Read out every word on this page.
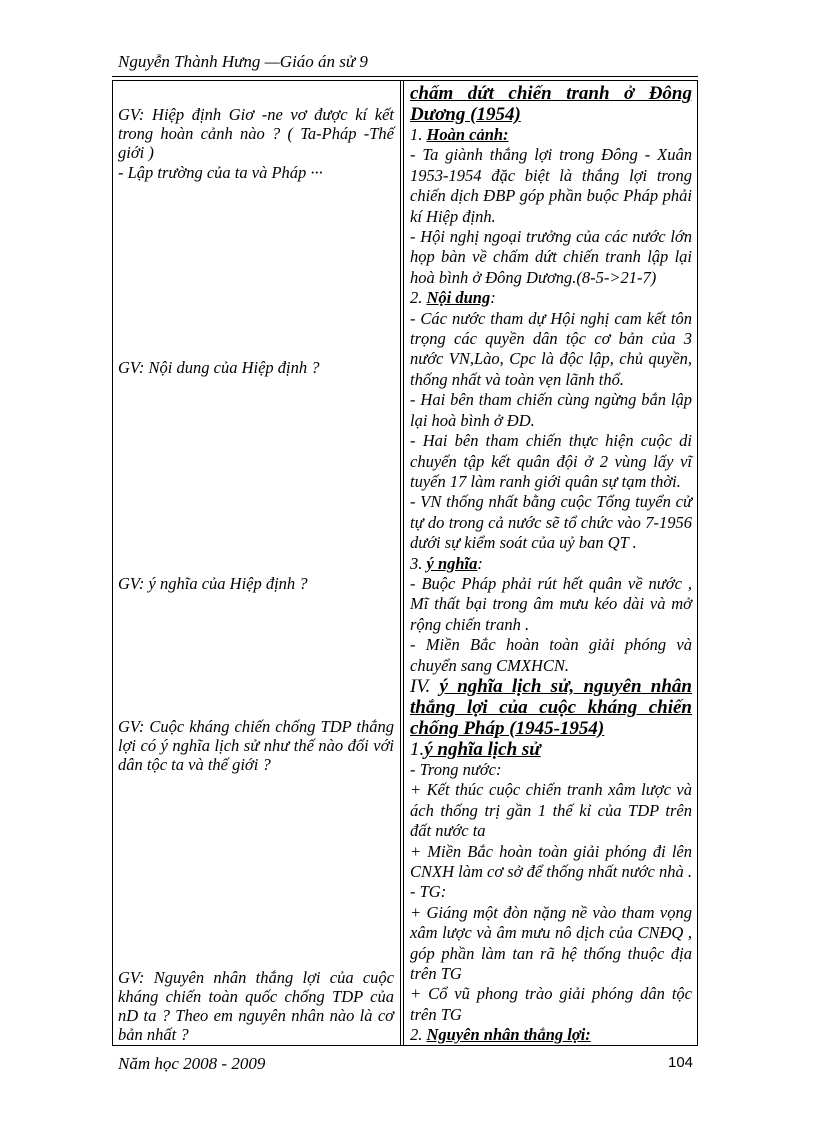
Nguyễn Thành Hưng —Giáo án sử 9
GV: Hiệp định Giơ -ne vơ được kí kết trong hoàn cảnh nào ? ( Ta-Pháp -Thế giới )
- Lập trường của ta và Pháp ···
GV: Nội dung của Hiệp định ?
GV: ý nghĩa của Hiệp định ?
GV: Cuộc kháng chiến chống TDP thắng lợi có ý nghĩa lịch sử như thế nào đối với dân tộc ta và thế giới ?
GV: Nguyên nhân thắng lợi của cuộc kháng chiến toàn quốc chống TDP của nD ta ? Theo em nguyên nhân nào là cơ bản nhất ?

chấm dứt chiến tranh ở Đông Dương (1954)

1. Hoàn cảnh:

- Ta giành thắng lợi trong Đông - Xuân 1953-1954 đặc biệt là thắng lợi trong chiến dịch ĐBP góp phần buộc Pháp phải kí Hiệp định.

- Hội nghị ngoại trưởng của các nước lớn họp bàn về chấm dứt chiến tranh lập lại hoà bình ở Đông Dương.(8-5->21-7)

2. Nội dung:

- Các nước tham dự Hội nghị cam kết tôn trọng các quyền dân tộc cơ bản của 3 nước VN,Lào, Cpc là độc lập, chủ quyền, thống nhất và toàn vẹn lãnh thổ.

- Hai bên tham chiến cùng ngừng bắn lập lại hoà bình ở ĐD.

- Hai bên tham chiến thực hiện cuộc di chuyển tập kết quân đội ở 2 vùng lấy vĩ tuyến 17 làm ranh giới quân sự tạm thời.

- VN thống nhất bằng cuộc Tổng tuyển cử tự do trong cả nước sẽ tổ chức vào 7-1956 dưới sự kiểm soát của uỷ ban QT .

3. ý nghĩa:

- Buộc Pháp phải rút hết quân về nước , Mĩ thất bại trong âm mưu kéo dài và mở rộng chiến tranh .

- Miền Bắc hoàn toàn giải phóng và chuyển sang CMXHCN.

IV. ý nghĩa lịch sử, nguyên nhân thắng lợi của cuộc kháng chiến chống Pháp (1945-1954)

1.ý nghĩa lịch sử

- Trong nước:

+ Kết thúc cuộc chiến tranh xâm lược và ách thống trị gần 1 thế kỉ của TDP trên đất nước ta

+ Miền Bắc hoàn toàn giải phóng đi lên CNXH làm cơ sở để thống nhất nước nhà .

- TG:

+ Giáng một đòn nặng nề vào tham vọng xâm lược và âm mưu nô dịch của CNĐQ , góp phần làm tan rã hệ thống thuộc địa trên TG

+ Cổ vũ phong trào giải phóng dân tộc trên TG

2. Nguyên nhân thắng lợi:

Năm học 2008 - 2009	104
